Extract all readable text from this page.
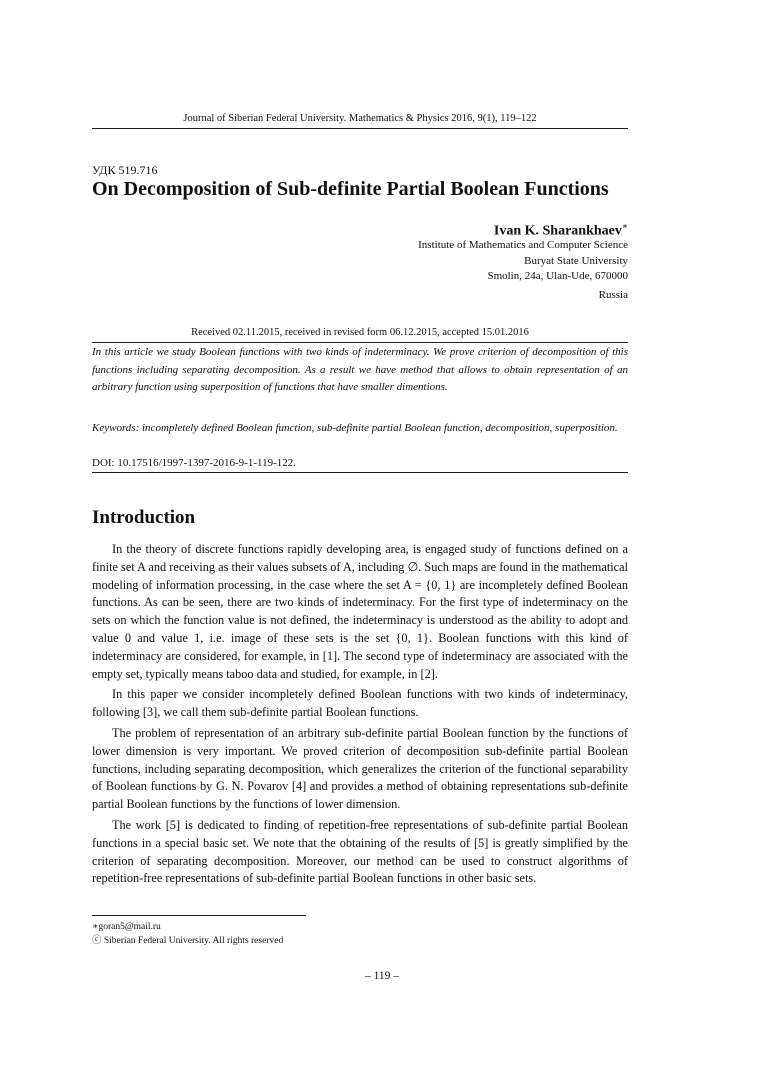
Journal of Siberian Federal University. Mathematics & Physics 2016, 9(1), 119–122
УДК 519.716
On Decomposition of Sub-definite Partial Boolean Functions
Ivan K. Sharankhaev∗
Institute of Mathematics and Computer Science
Buryat State University
Smolin, 24a, Ulan-Ude, 670000
Russia
Received 02.11.2015, received in revised form 06.12.2015, accepted 15.01.2016
In this article we study Boolean functions with two kinds of indeterminacy. We prove criterion of decomposition of this functions including separating decomposition. As a result we have method that allows to obtain representation of an arbitrary function using superposition of functions that have smaller dimentions.
Keywords: incompletely defined Boolean function, sub-definite partial Boolean function, decomposition, superposition.
DOI: 10.17516/1997-1397-2016-9-1-119-122.
Introduction

In the theory of discrete functions rapidly developing area, is engaged study of functions defined on a finite set A and receiving as their values subsets of A, including ∅. Such maps are found in the mathematical modeling of information processing, in the case where the set A = {0, 1} are incompletely defined Boolean functions. As can be seen, there are two kinds of indeterminacy. For the first type of indeterminacy on the sets on which the function value is not defined, the indeterminacy is understood as the ability to adopt and value 0 and value 1, i.e. image of these sets is the set {0, 1}. Boolean functions with this kind of indeterminacy are considered, for example, in [1]. The second type of indeterminacy are associated with the empty set, typically means taboo data and studied, for example, in [2].

In this paper we consider incompletely defined Boolean functions with two kinds of indeterminacy, following [3], we call them sub-definite partial Boolean functions.

The problem of representation of an arbitrary sub-definite partial Boolean function by the functions of lower dimension is very important. We proved criterion of decomposition sub-definite partial Boolean functions, including separating decomposition, which generalizes the criterion of the functional separability of Boolean functions by G. N. Povarov [4] and provides a method of obtaining representations sub-definite partial Boolean functions by the functions of lower dimension.

The work [5] is dedicated to finding of repetition-free representations of sub-definite partial Boolean functions in a special basic set. We note that the obtaining of the results of [5] is greatly simplified by the criterion of separating decomposition. Moreover, our method can be used to construct algorithms of repetition-free representations of sub-definite partial Boolean functions in other basic sets.

∗goran5@mail.ru
ⓒ Siberian Federal University. All rights reserved
– 119 –
